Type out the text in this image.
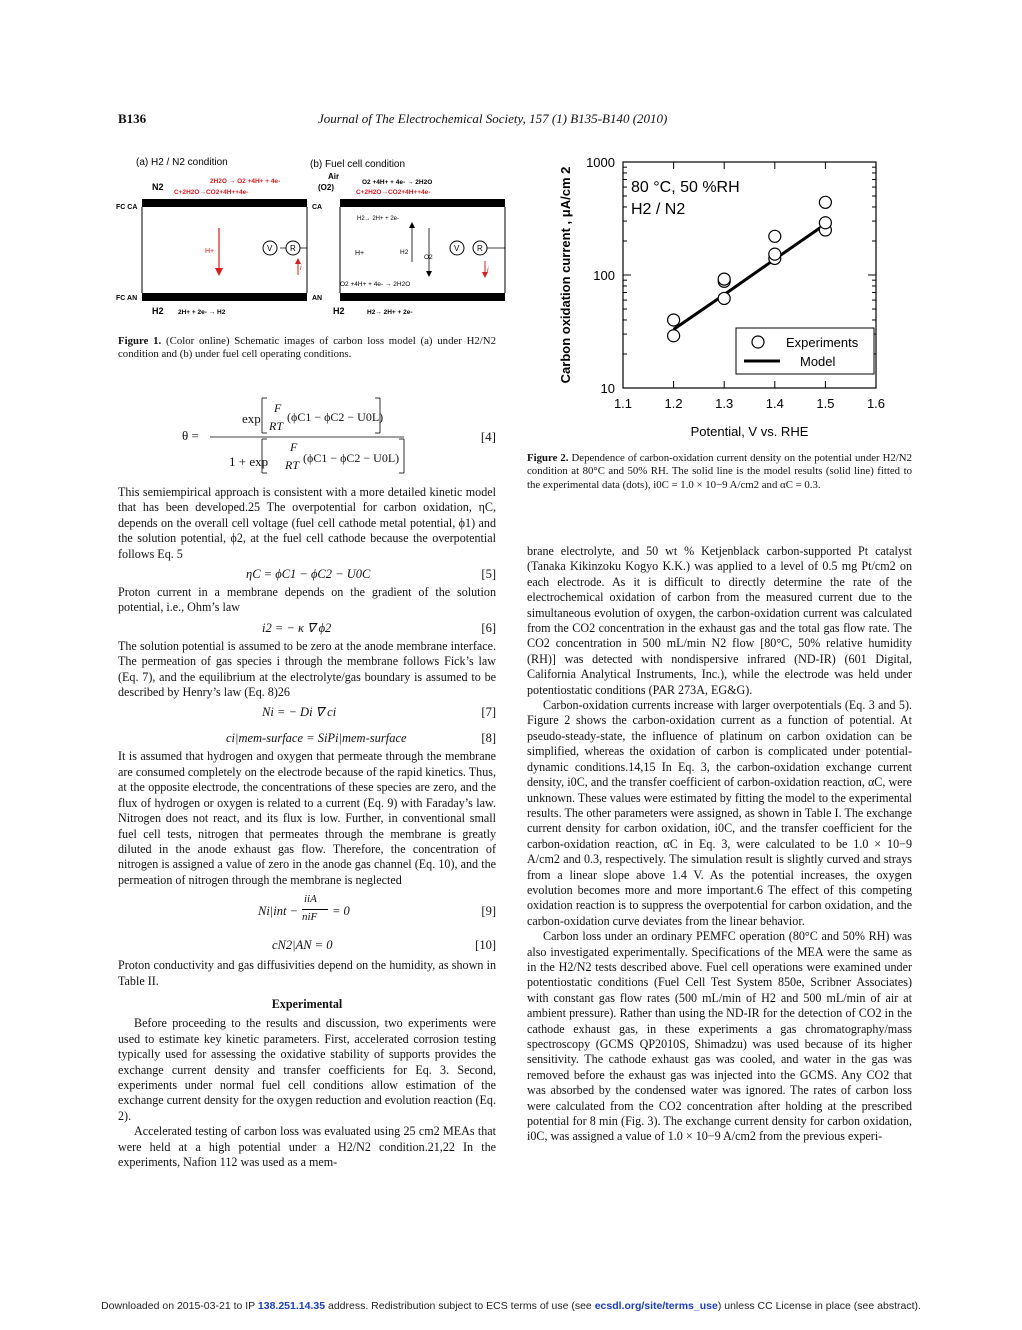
B136	Journal of The Electrochemical Society, 157 (1) B135-B140 (2010)
(a) H2 / N2 condition
N2
2H2O → O2 +4H+ + 4e-
C+2H2O→CO2+4H++4e-
FC CA
FC AN
H2 2H+ + 2e- → H2
H+	V R
i
(b) Fuel cell condition
Air
(O2)
O2 +4H+ + 4e- → 2H2O
C+2H2O→CO2+4H++4e-
CA
H2→ 2H+ + 2e-
O2 +4H+ + 4e- → 2H2O
AN
H2	H2→ 2H+ + 2e-
H+	H2
O2
V R
i
Figure 1. (Color online) Schematic images of carbon loss model (a) under H2/N2 condition and (b) under fuel cell operating conditions.
θ =
exp
F
RT
(ϕC1 − ϕC2 − U0L)
1 + exp
F
RT (ϕC1 − ϕC2 − U0L)
[4]

This semiempirical approach is consistent with a more detailed kinetic model that has been developed.25 The overpotential for carbon oxidation, ηC, depends on the overall cell voltage (fuel cell cathode metal potential, ϕ1) and the solution potential, ϕ2, at the fuel cell cathode because the overpotential follows Eq. 5

ηC = ϕC1 − ϕC2 − U0C	[5]

Proton current in a membrane depends on the gradient of the solution potential, i.e., Ohm’s law

i2 = − κ ∇ ϕ2	[6]

The solution potential is assumed to be zero at the anode membrane interface. The permeation of gas species i through the membrane follows Fick’s law (Eq. 7), and the equilibrium at the electrolyte/gas boundary is assumed to be described by Henry’s law (Eq. 8)26

Ni = − Di ∇ ci	[7]
ci|mem-surface = SiPi|mem-surface	[8]

It is assumed that hydrogen and oxygen that permeate through the membrane are consumed completely on the electrode because of the rapid kinetics. Thus, at the opposite electrode, the concentrations of these species are zero, and the flux of hydrogen or oxygen is related to a current (Eq. 9) with Faraday’s law. Nitrogen does not react, and its flux is low. Further, in conventional small fuel cell tests, nitrogen that permeates through the membrane is greatly diluted in the anode exhaust gas flow. Therefore, the concentration of nitrogen is assigned a value of zero in the anode gas channel (Eq. 10), and the permeation of nitrogen through the membrane is neglected

Ni|int −
iiA
niF	= 0	[9]
cN2|AN = 0	[10]

Proton conductivity and gas diffusivities depend on the humidity, as shown in Table II.

Experimental

Before proceeding to the results and discussion, two experiments were used to estimate key kinetic parameters. First, accelerated corrosion testing typically used for assessing the oxidative stability of supports provides the exchange current density and transfer coefficients for Eq. 3. Second, experiments under normal fuel cell conditions allow estimation of the exchange current density for the oxygen reduction and evolution reaction (Eq. 2).

Accelerated testing of carbon loss was evaluated using 25 cm2 MEAs that were held at a high potential under a H2/N2 condition.21,22 In the experiments, Nafion 112 was used as a mem-

1.1	1.2	1.3	1.4	1.5	1.6
10
100
1000
Potential, V vs. RHE
Carbon oxidation current , μA/cm 2	80 °C, 50 %RH
H2 / N2
Experiments
Model
Figure 2. Dependence of carbon-oxidation current density on the potential under H2/N2 condition at 80°C and 50% RH. The solid line is the model results (solid line) fitted to the experimental data (dots), i0C = 1.0 × 10−9 A/cm2 and αC = 0.3.

brane electrolyte, and 50 wt % Ketjenblack carbon-supported Pt catalyst (Tanaka Kikinzoku Kogyo K.K.) was applied to a level of 0.5 mg Pt/cm2 on each electrode. As it is difficult to directly determine the rate of the electrochemical oxidation of carbon from the measured current due to the simultaneous evolution of oxygen, the carbon-oxidation current was calculated from the CO2 concentration in the exhaust gas and the total gas flow rate. The CO2 concentration in 500 mL/min N2 flow [80°C, 50% relative humidity (RH)] was detected with nondispersive infrared (ND-IR) (601 Digital, California Analytical Instruments, Inc.), while the electrode was held under potentiostatic conditions (PAR 273A, EG&G).

Carbon-oxidation currents increase with larger overpotentials (Eq. 3 and 5). Figure 2 shows the carbon-oxidation current as a function of potential. At pseudo-steady-state, the influence of platinum on carbon oxidation can be simplified, whereas the oxidation of carbon is complicated under potential-dynamic conditions.14,15 In Eq. 3, the carbon-oxidation exchange current density, i0C, and the transfer coefficient of carbon-oxidation reaction, αC, were unknown. These values were estimated by fitting the model to the experimental results. The other parameters were assigned, as shown in Table I. The exchange current density for carbon oxidation, i0C, and the transfer coefficient for the carbon-oxidation reaction, αC in Eq. 3, were calculated to be 1.0 × 10−9 A/cm2 and 0.3, respectively. The simulation result is slightly curved and strays from a linear slope above 1.4 V. As the potential increases, the oxygen evolution becomes more and more important.6 The effect of this competing oxidation reaction is to suppress the overpotential for carbon oxidation, and the carbon-oxidation curve deviates from the linear behavior.

Carbon loss under an ordinary PEMFC operation (80°C and 50% RH) was also investigated experimentally. Specifications of the MEA were the same as in the H2/N2 tests described above. Fuel cell operations were examined under potentiostatic conditions (Fuel Cell Test System 850e, Scribner Associates) with constant gas flow rates (500 mL/min of H2 and 500 mL/min of air at ambient pressure). Rather than using the ND-IR for the detection of CO2 in the cathode exhaust gas, in these experiments a gas chromatography/mass spectroscopy (GCMS QP2010S, Shimadzu) was used because of its higher sensitivity. The cathode exhaust gas was cooled, and water in the gas was removed before the exhaust gas was injected into the GCMS. Any CO2 that was absorbed by the condensed water was ignored. The rates of carbon loss were calculated from the CO2 concentration after holding at the prescribed potential for 8 min (Fig. 3). The exchange current density for carbon oxidation, i0C, was assigned a value of 1.0 × 10−9 A/cm2 from the previous experi-

Downloaded on 2015-03-21 to IP 138.251.14.35 address. Redistribution subject to ECS terms of use (see ecsdl.org/site/terms_use) unless CC License in place (see abstract).
